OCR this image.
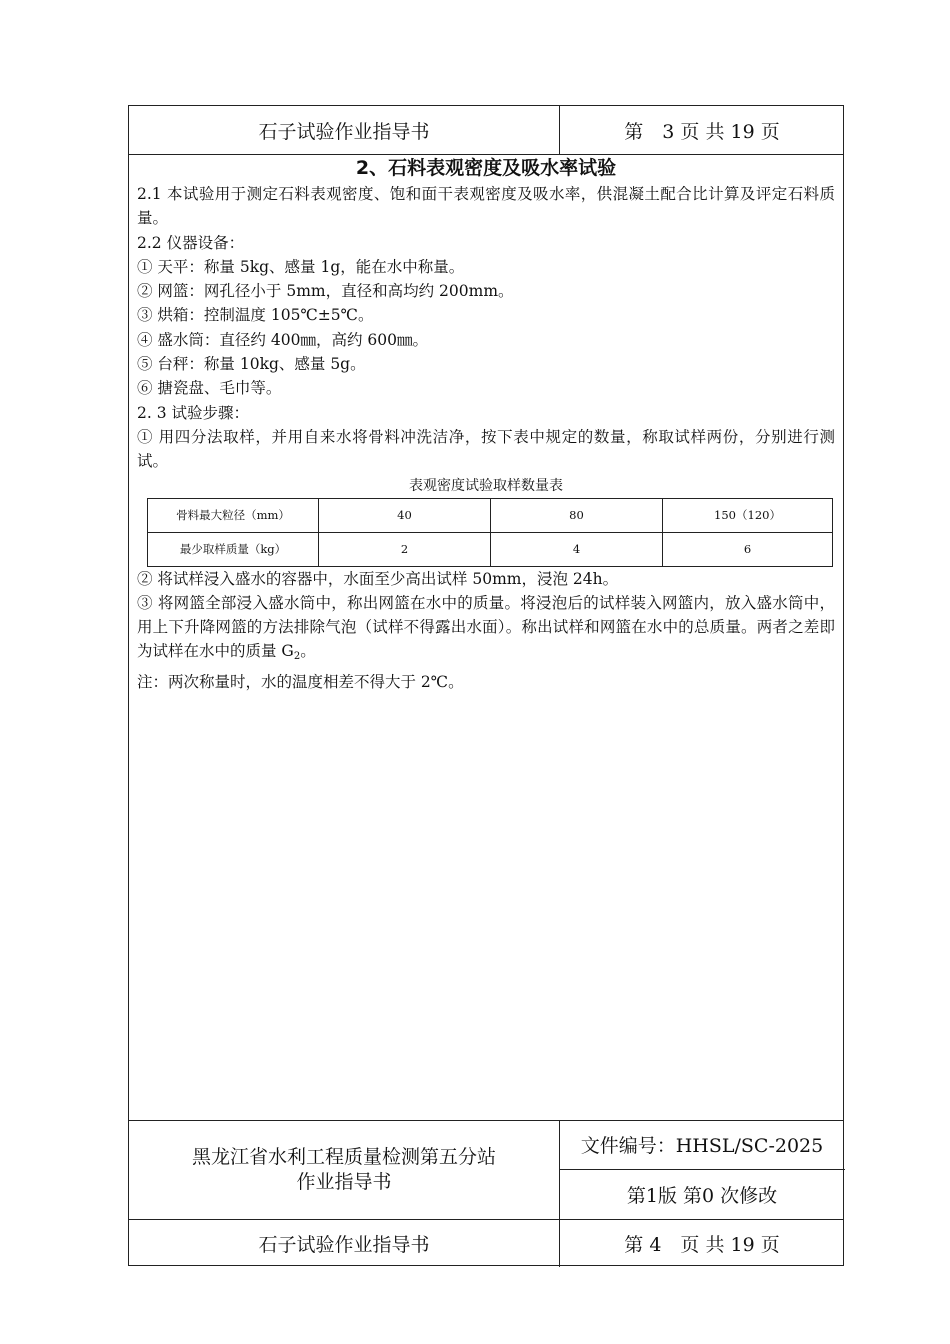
石子试验作业指导书	第　3 页 共 19 页

2、石料表观密度及吸水率试验

2.1 本试验用于测定石料表观密度、饱和面干表观密度及吸水率，供混凝土配合比计算及评定石料质量。

2.2 仪器设备：

① 天平：称量 5kg、感量 1g，能在水中称量。

② 网篮：网孔径小于 5mm，直径和高均约 200mm。

③ 烘箱：控制温度 105℃±5℃。

④ 盛水筒：直径约 400㎜，高约 600㎜。

⑤ 台秤：称量 10kg、感量 5g。

⑥ 搪瓷盘、毛巾等。

2. 3 试验步骤：

① 用四分法取样，并用自来水将骨料冲洗洁净，按下表中规定的数量，称取试样两份，分别进行测试。

表观密度试验取样数量表

骨料最大粒径（mm）	40	80	150（120）
最少取样质量（kg）	2	4	6

② 将试样浸入盛水的容器中，水面至少高出试样 50mm，浸泡 24h。

③ 将网篮全部浸入盛水筒中，称出网篮在水中的质量。将浸泡后的试样装入网篮内，放入盛水筒中，用上下升降网篮的方法排除气泡（试样不得露出水面）。称出试样和网篮在水中的总质量。两者之差即为试样在水中的质量 $G_2$。

注：两次称量时，水的温度相差不得大于 2℃。

黑龙江省水利工程质量检测第五分站
作业指导书
文件编号：HHSL/SC-2025
第1版 第0 次修改
石子试验作业指导书	第 4　页 共 19 页
